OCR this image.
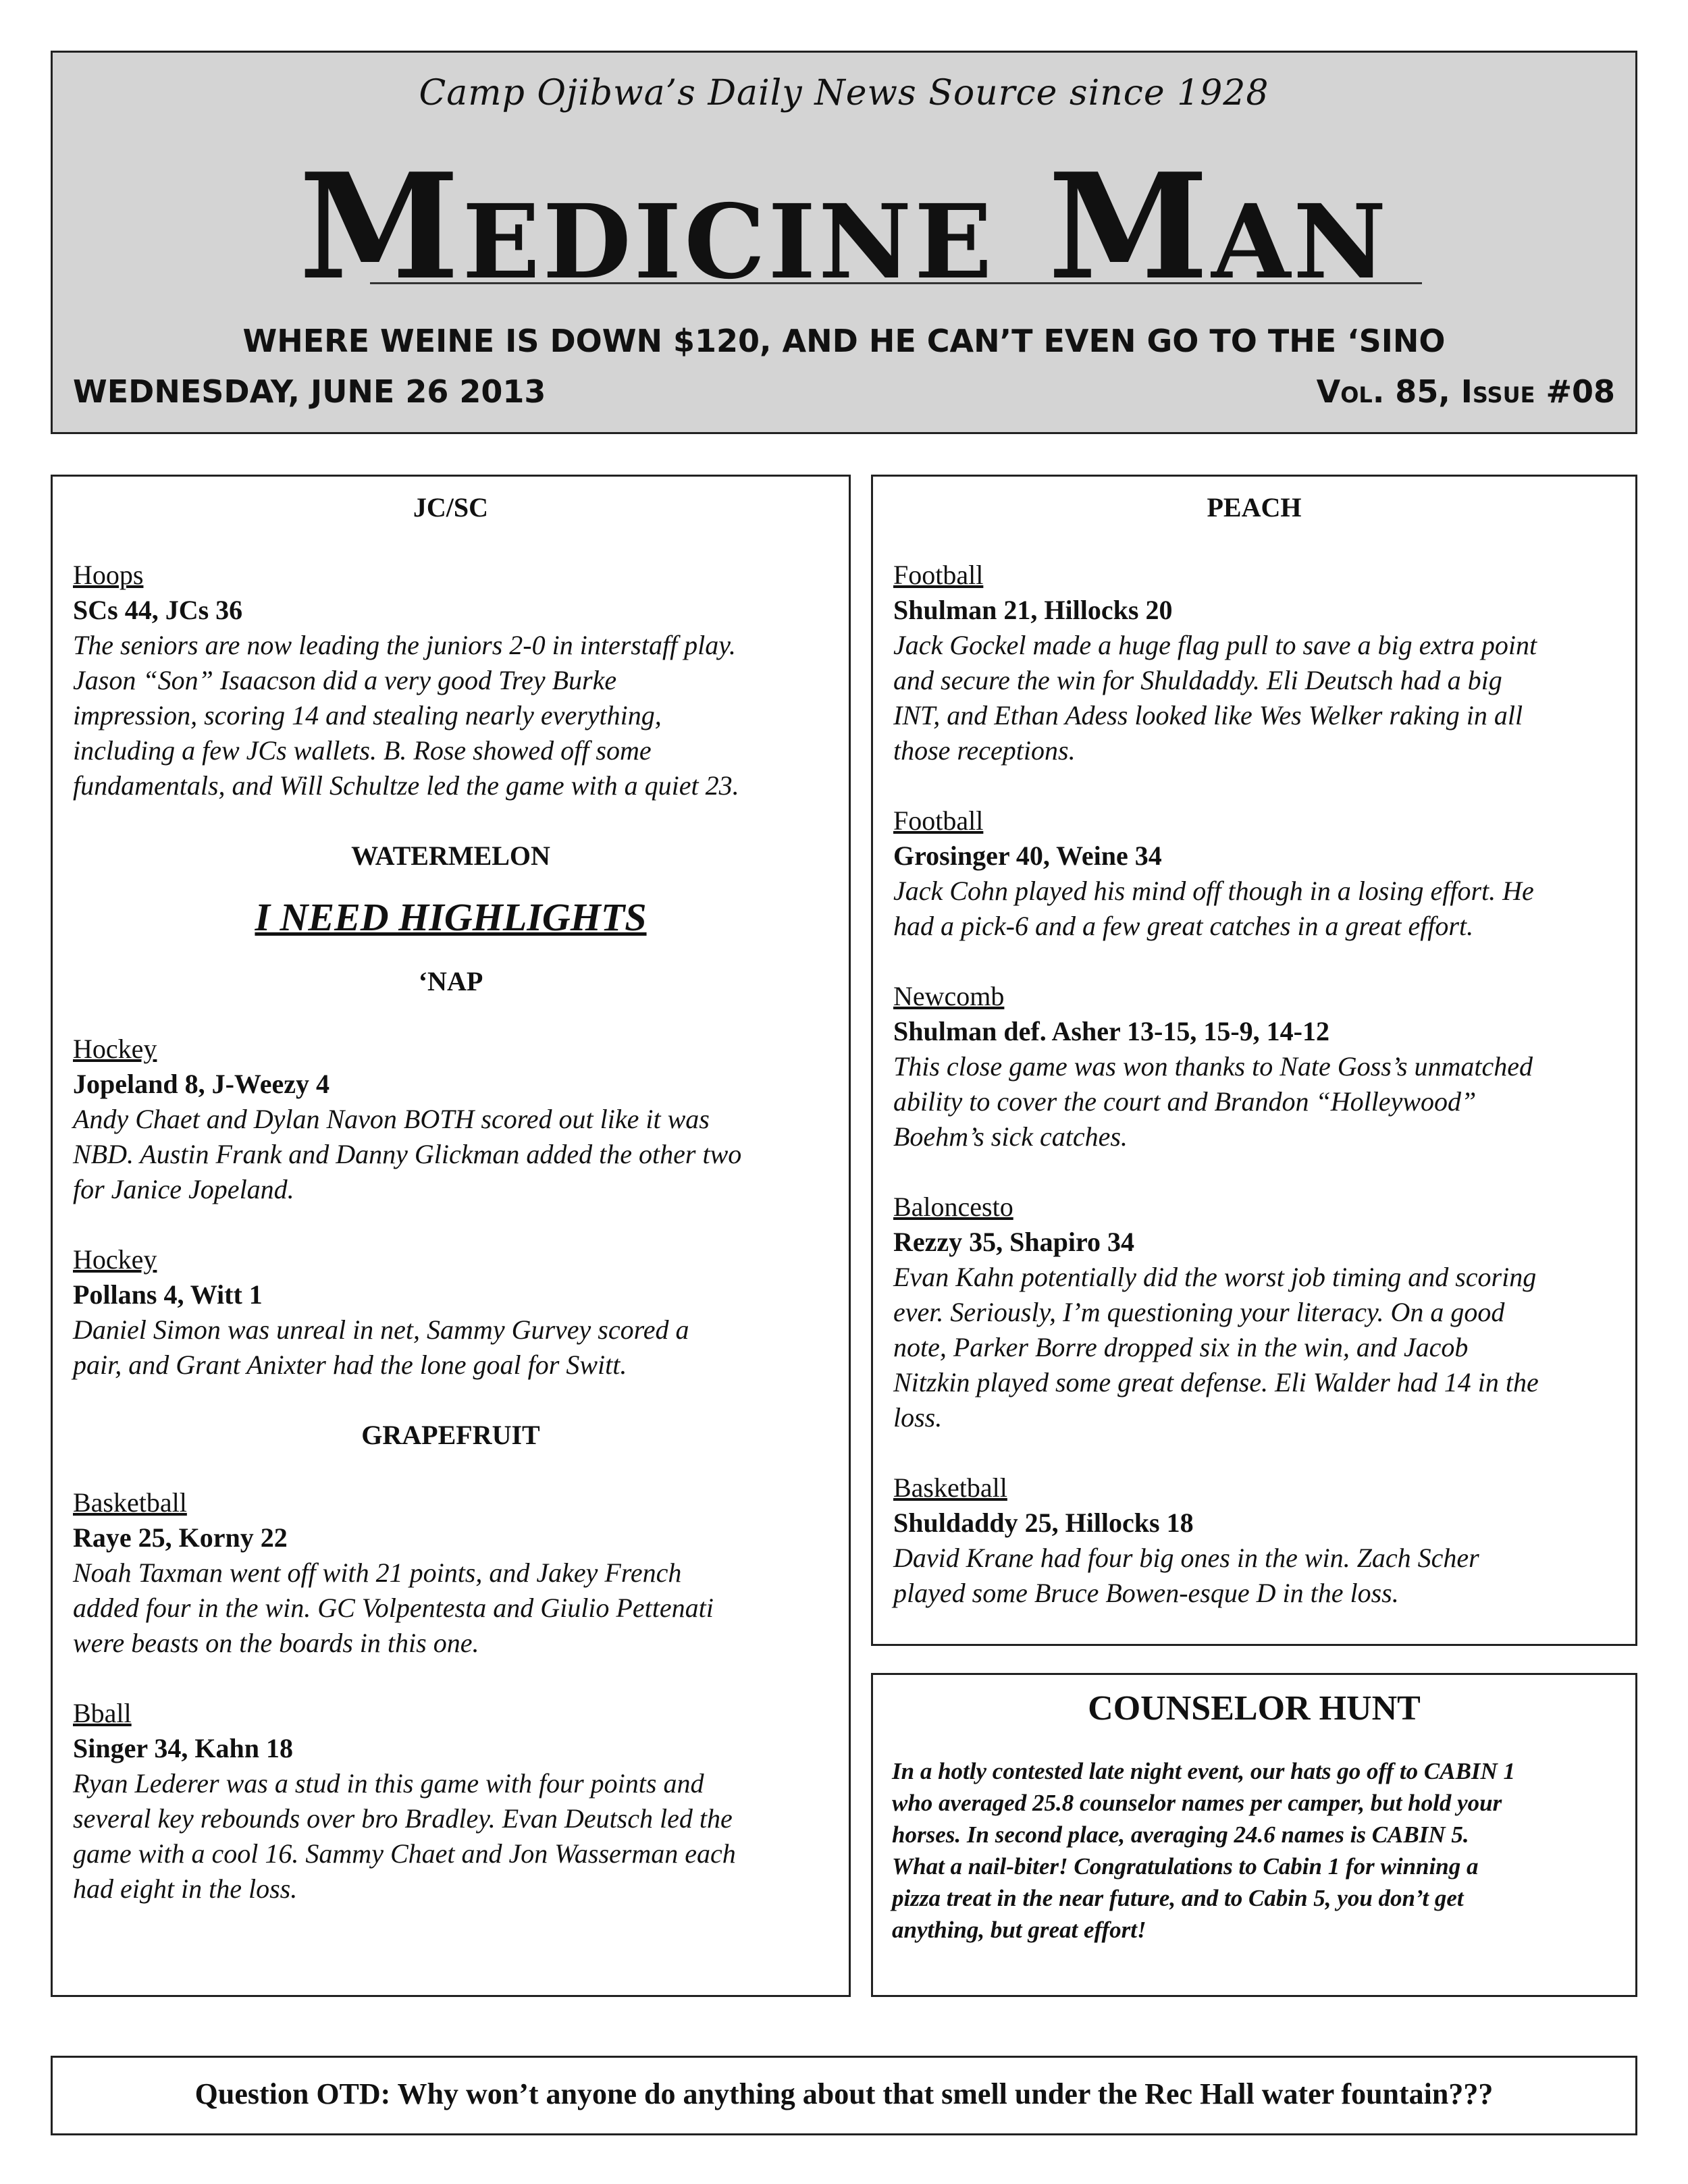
Camp Ojibwa’s Daily News Source since 1928
Medicine Man
WHERE WEINE IS DOWN $120, AND HE CAN’T EVEN GO TO THE ‘SINO
WEDNESDAY, JUNE 26 2013	Vol. 85, Issue #08
JC/SC
Hoops
SCs 44, JCs 36
The seniors are now leading the juniors 2-0 in interstaff play.
Jason “Son” Isaacson did a very good Trey Burke
impression, scoring 14 and stealing nearly everything,
including a few JCs wallets. B. Rose showed off some
fundamentals, and Will Schultze led the game with a quiet 23.
WATERMELON
I NEED HIGHLIGHTS
‘NAP
Hockey
Jopeland 8, J-Weezy 4
Andy Chaet and Dylan Navon BOTH scored out like it was
NBD. Austin Frank and Danny Glickman added the other two
for Janice Jopeland.
Hockey
Pollans 4, Witt 1
Daniel Simon was unreal in net, Sammy Gurvey scored a
pair, and Grant Anixter had the lone goal for Switt.
GRAPEFRUIT
Basketball
Raye 25, Korny 22
Noah Taxman went off with 21 points, and Jakey French
added four in the win. GC Volpentesta and Giulio Pettenati
were beasts on the boards in this one.
Bball
Singer 34, Kahn 18
Ryan Lederer was a stud in this game with four points and
several key rebounds over bro Bradley. Evan Deutsch led the
game with a cool 16. Sammy Chaet and Jon Wasserman each
had eight in the loss.
PEACH
Football
Shulman 21, Hillocks 20
Jack Gockel made a huge flag pull to save a big extra point
and secure the win for Shuldaddy. Eli Deutsch had a big
INT, and Ethan Adess looked like Wes Welker raking in all
those receptions.
Football
Grosinger 40, Weine 34
Jack Cohn played his mind off though in a losing effort. He
had a pick-6 and a few great catches in a great effort.
Newcomb
Shulman def. Asher 13-15, 15-9, 14-12
This close game was won thanks to Nate Goss’s unmatched
ability to cover the court and Brandon “Holleywood”
Boehm’s sick catches.
Baloncesto
Rezzy 35, Shapiro 34
Evan Kahn potentially did the worst job timing and scoring
ever. Seriously, I’m questioning your literacy. On a good
note, Parker Borre dropped six in the win, and Jacob
Nitzkin played some great defense. Eli Walder had 14 in the
loss.
Basketball
Shuldaddy 25, Hillocks 18
David Krane had four big ones in the win. Zach Scher
played some Bruce Bowen-esque D in the loss.
COUNSELOR HUNT
In a hotly contested late night event, our hats go off to CABIN 1
who averaged 25.8 counselor names per camper, but hold your
horses. In second place, averaging 24.6 names is CABIN 5.
What a nail-biter! Congratulations to Cabin 1 for winning a
pizza treat in the near future, and to Cabin 5, you don’t get
anything, but great effort!
Question OTD: Why won’t anyone do anything about that smell under the Rec Hall water fountain???
